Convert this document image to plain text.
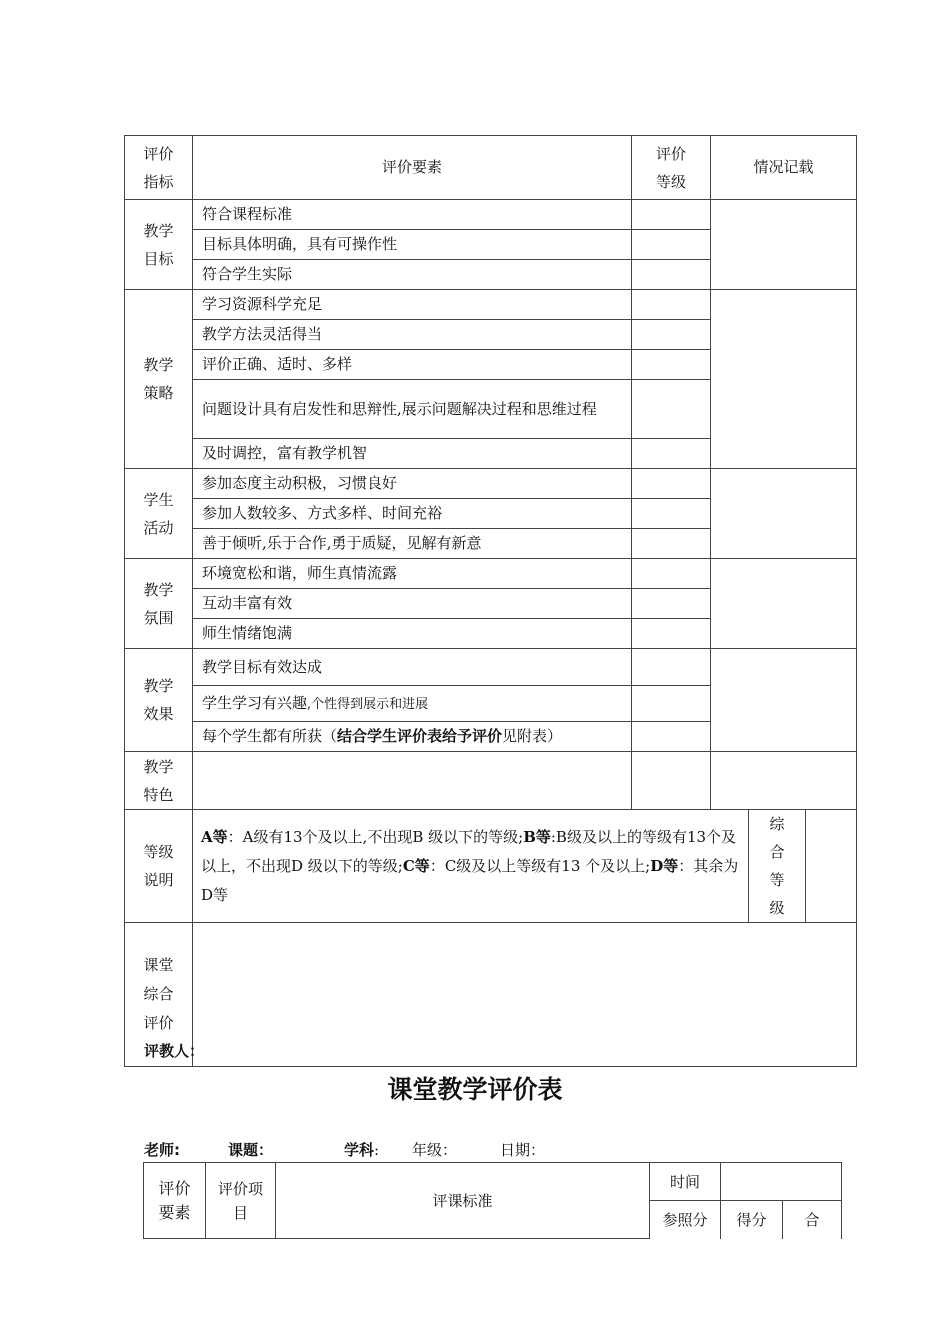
评价指标	评价要素	评价等级	情况记载		
教学目标	符合课程标准				
	目标具体明确，具有可操作性				
	符合学生实际				
教学策略	学习资源科学充足				
	教学方法灵活得当				
	评价正确、适时、多样				
	问题设计具有启发性和思辩性,展示问题解决过程和思维过程				
	及时调控，富有教学机智				
学生活动	参加态度主动积极，习惯良好				
	参加人数较多、方式多样、时间充裕				
	善于倾听,乐于合作,勇于质疑，见解有新意				
教学氛围	环境宽松和谐，师生真情流露				
	互动丰富有效				
	师生情绪饱满				
教学效果	教学目标有效达成				
	学生学习有兴趣,个性得到展示和进展				
	每个学生都有所获（结合学生评价表给予评价见附表）				
教学特色					
等级说明	A等：A级有13个及以上,不出现B 级以下的等级;B等:B级及以上的等级有13个及以上，不出现D 级以下的等级;C等：C级及以上等级有13 个及以上;D等：其余为D等			综合等级	
课堂综合评价					
评教人：
课堂教学评价表
老师:	课题：	学科: 年级：	日期：
评价要素	评价项目	评课标准	时间		
			参照分	得分	合
